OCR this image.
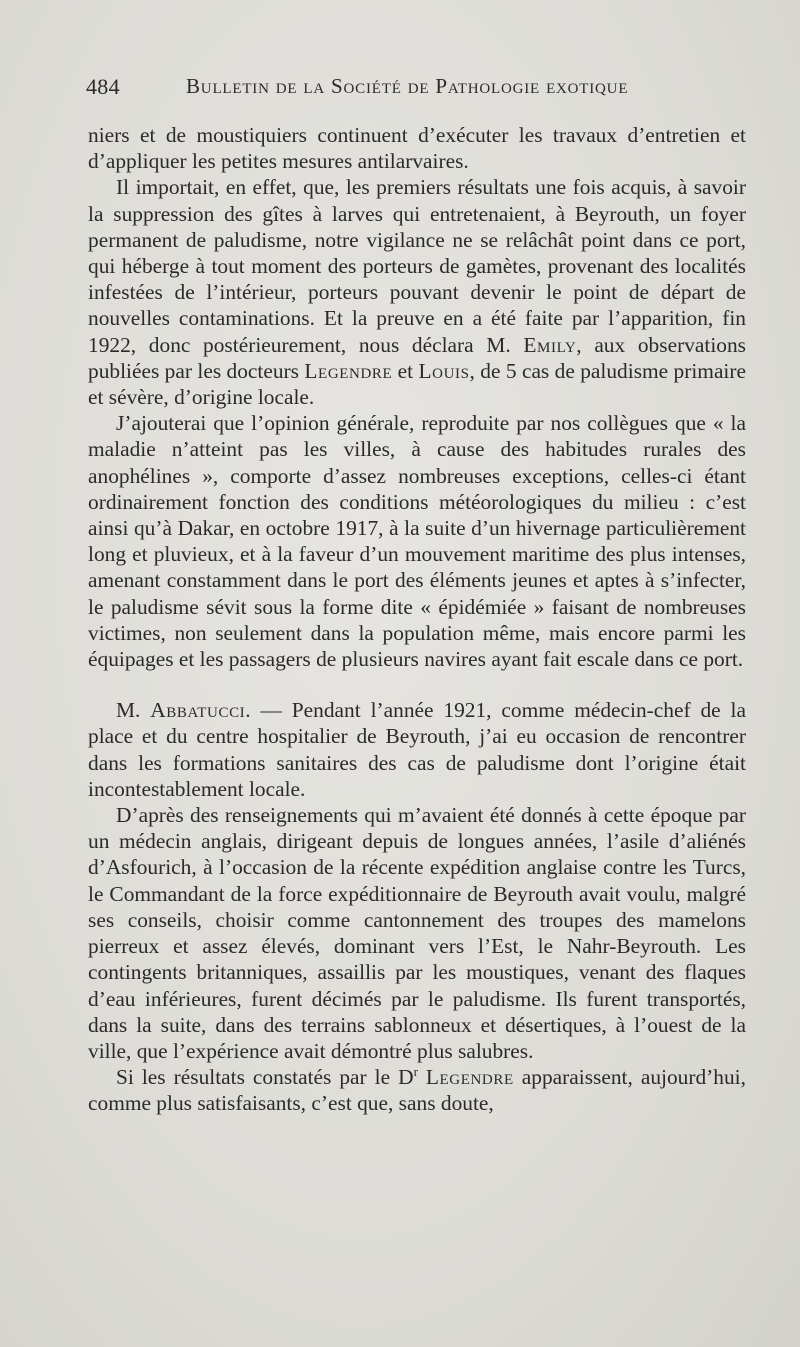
484	Bulletin de la Société de Pathologie exotique

niers et de moustiquiers continuent d’exécuter les travaux d’entretien et d’appliquer les petites mesures antilarvaires.

Il importait, en effet, que, les premiers résultats une fois acquis, à savoir la suppression des gîtes à larves qui entretenaient, à Beyrouth, un foyer permanent de paludisme, notre vigilance ne se relâchât point dans ce port, qui héberge à tout moment des porteurs de gamètes, provenant des localités infestées de l’intérieur, porteurs pouvant devenir le point de départ de nouvelles contaminations. Et la preuve en a été faite par l’apparition, fin 1922, donc postérieurement, nous déclara M. Emily, aux observations publiées par les docteurs Legendre et Louis, de 5 cas de paludisme primaire et sévère, d’origine locale.

J’ajouterai que l’opinion générale, reproduite par nos collègues que « la maladie n’atteint pas les villes, à cause des habitudes rurales des anophélines », comporte d’assez nombreuses exceptions, celles-ci étant ordinairement fonction des conditions météorologiques du milieu : c’est ainsi qu’à Dakar, en octobre 1917, à la suite d’un hivernage particulièrement long et pluvieux, et à la faveur d’un mouvement maritime des plus intenses, amenant constamment dans le port des éléments jeunes et aptes à s’infecter, le paludisme sévit sous la forme dite « épidémiée » faisant de nombreuses victimes, non seulement dans la population même, mais encore parmi les équipages et les passagers de plusieurs navires ayant fait escale dans ce port.

M. Abbatucci. — Pendant l’année 1921, comme médecin-chef de la place et du centre hospitalier de Beyrouth, j’ai eu occasion de rencontrer dans les formations sanitaires des cas de paludisme dont l’origine était incontestablement locale.

D’après des renseignements qui m’avaient été donnés à cette époque par un médecin anglais, dirigeant depuis de longues années, l’asile d’aliénés d’Asfourich, à l’occasion de la récente expédition anglaise contre les Turcs, le Commandant de la force expéditionnaire de Beyrouth avait voulu, malgré ses conseils, choisir comme cantonnement des troupes des mamelons pierreux et assez élevés, dominant vers l’Est, le Nahr-Beyrouth. Les contingents britanniques, assaillis par les moustiques, venant des flaques d’eau inférieures, furent décimés par le paludisme. Ils furent transportés, dans la suite, dans des terrains sablonneux et désertiques, à l’ouest de la ville, que l’expérience avait démontré plus salubres.

Si les résultats constatés par le $D^r$ Legendre apparaissent, aujourd’hui, comme plus satisfaisants, c’est que, sans doute,
